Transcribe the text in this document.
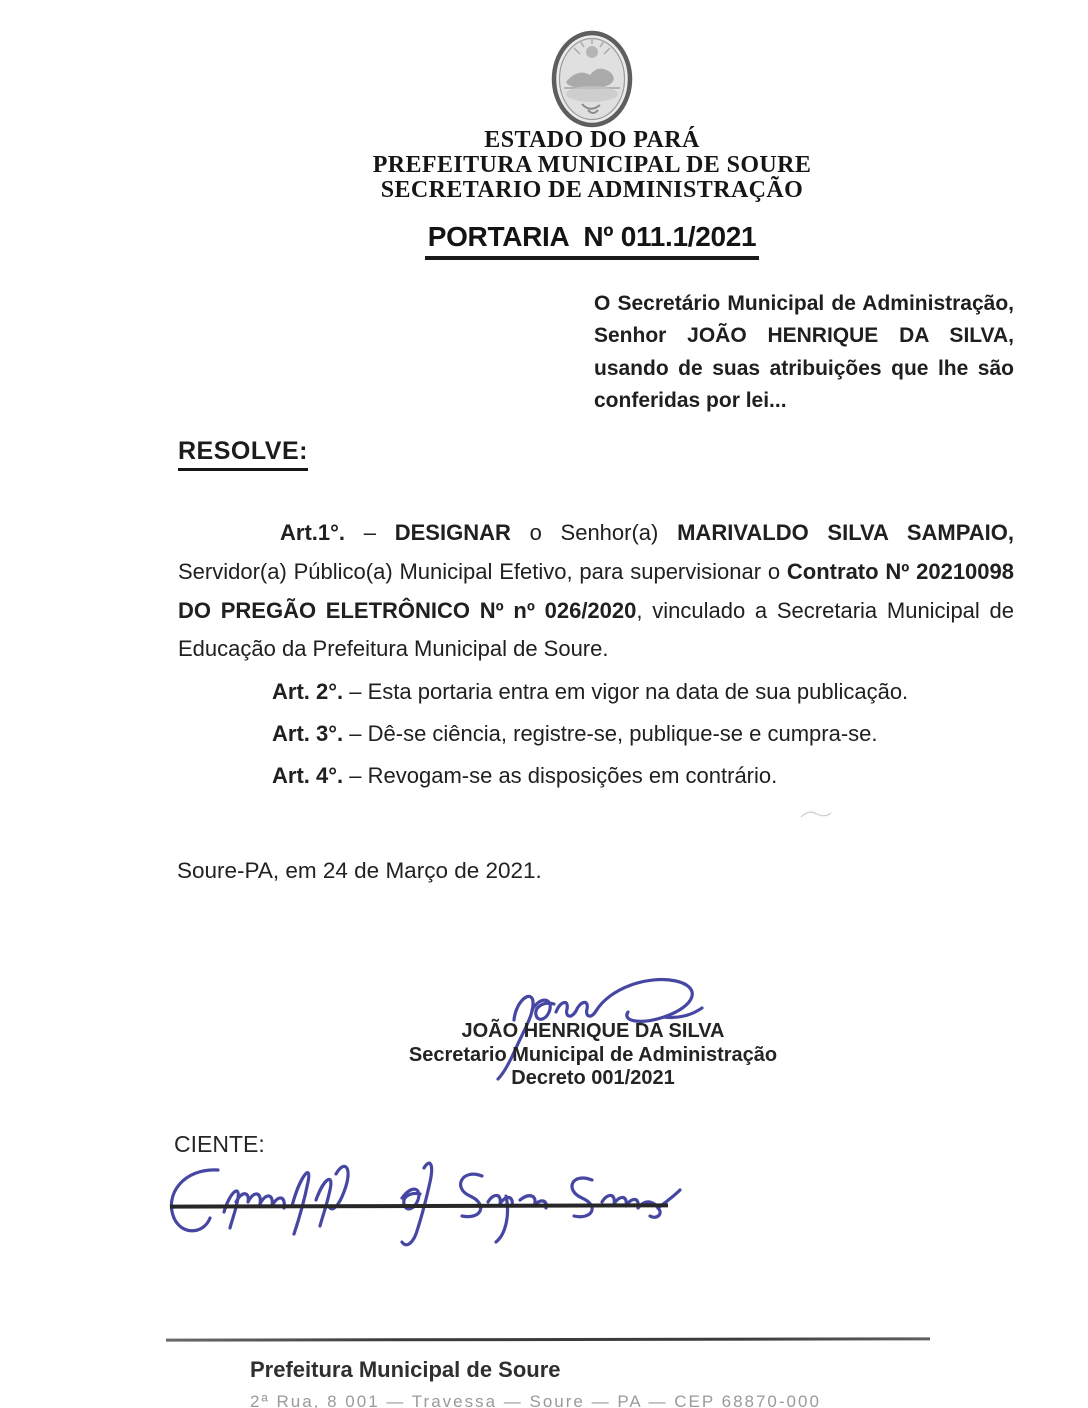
ESTADO DO PARÁ
PREFEITURA MUNICIPAL DE SOURE
SECRETARIO DE ADMINISTRAÇÃO
PORTARIA  Nº 011.1/2021
O Secretário Municipal de Administração,
Senhor JOÃO HENRIQUE DA SILVA,
usando de suas atribuições que lhe são
conferidas por lei...
RESOLVE:
Art.1°. – DESIGNAR o Senhor(a) MARIVALDO SILVA SAMPAIO,
Servidor(a) Público(a) Municipal Efetivo, para supervisionar o Contrato Nº 20210098
DO PREGÃO ELETRÔNICO Nº nº 026/2020, vinculado a Secretaria Municipal de
Educação da Prefeitura Municipal de Soure.
Art. 2°. – Esta portaria entra em vigor na data de sua publicação.
Art. 3°. – Dê-se ciência, registre-se, publique-se e cumpra-se.
Art. 4°. – Revogam-se as disposições em contrário.
Soure-PA, em 24 de Março de 2021.
JOÃO HENRIQUE DA SILVA
Secretario Municipal de Administração
Decreto 001/2021
CIENTE:
Prefeitura Municipal de Soure
2ª Rua, 8 001 — Travessa — Soure — PA — CEP 68870-000
